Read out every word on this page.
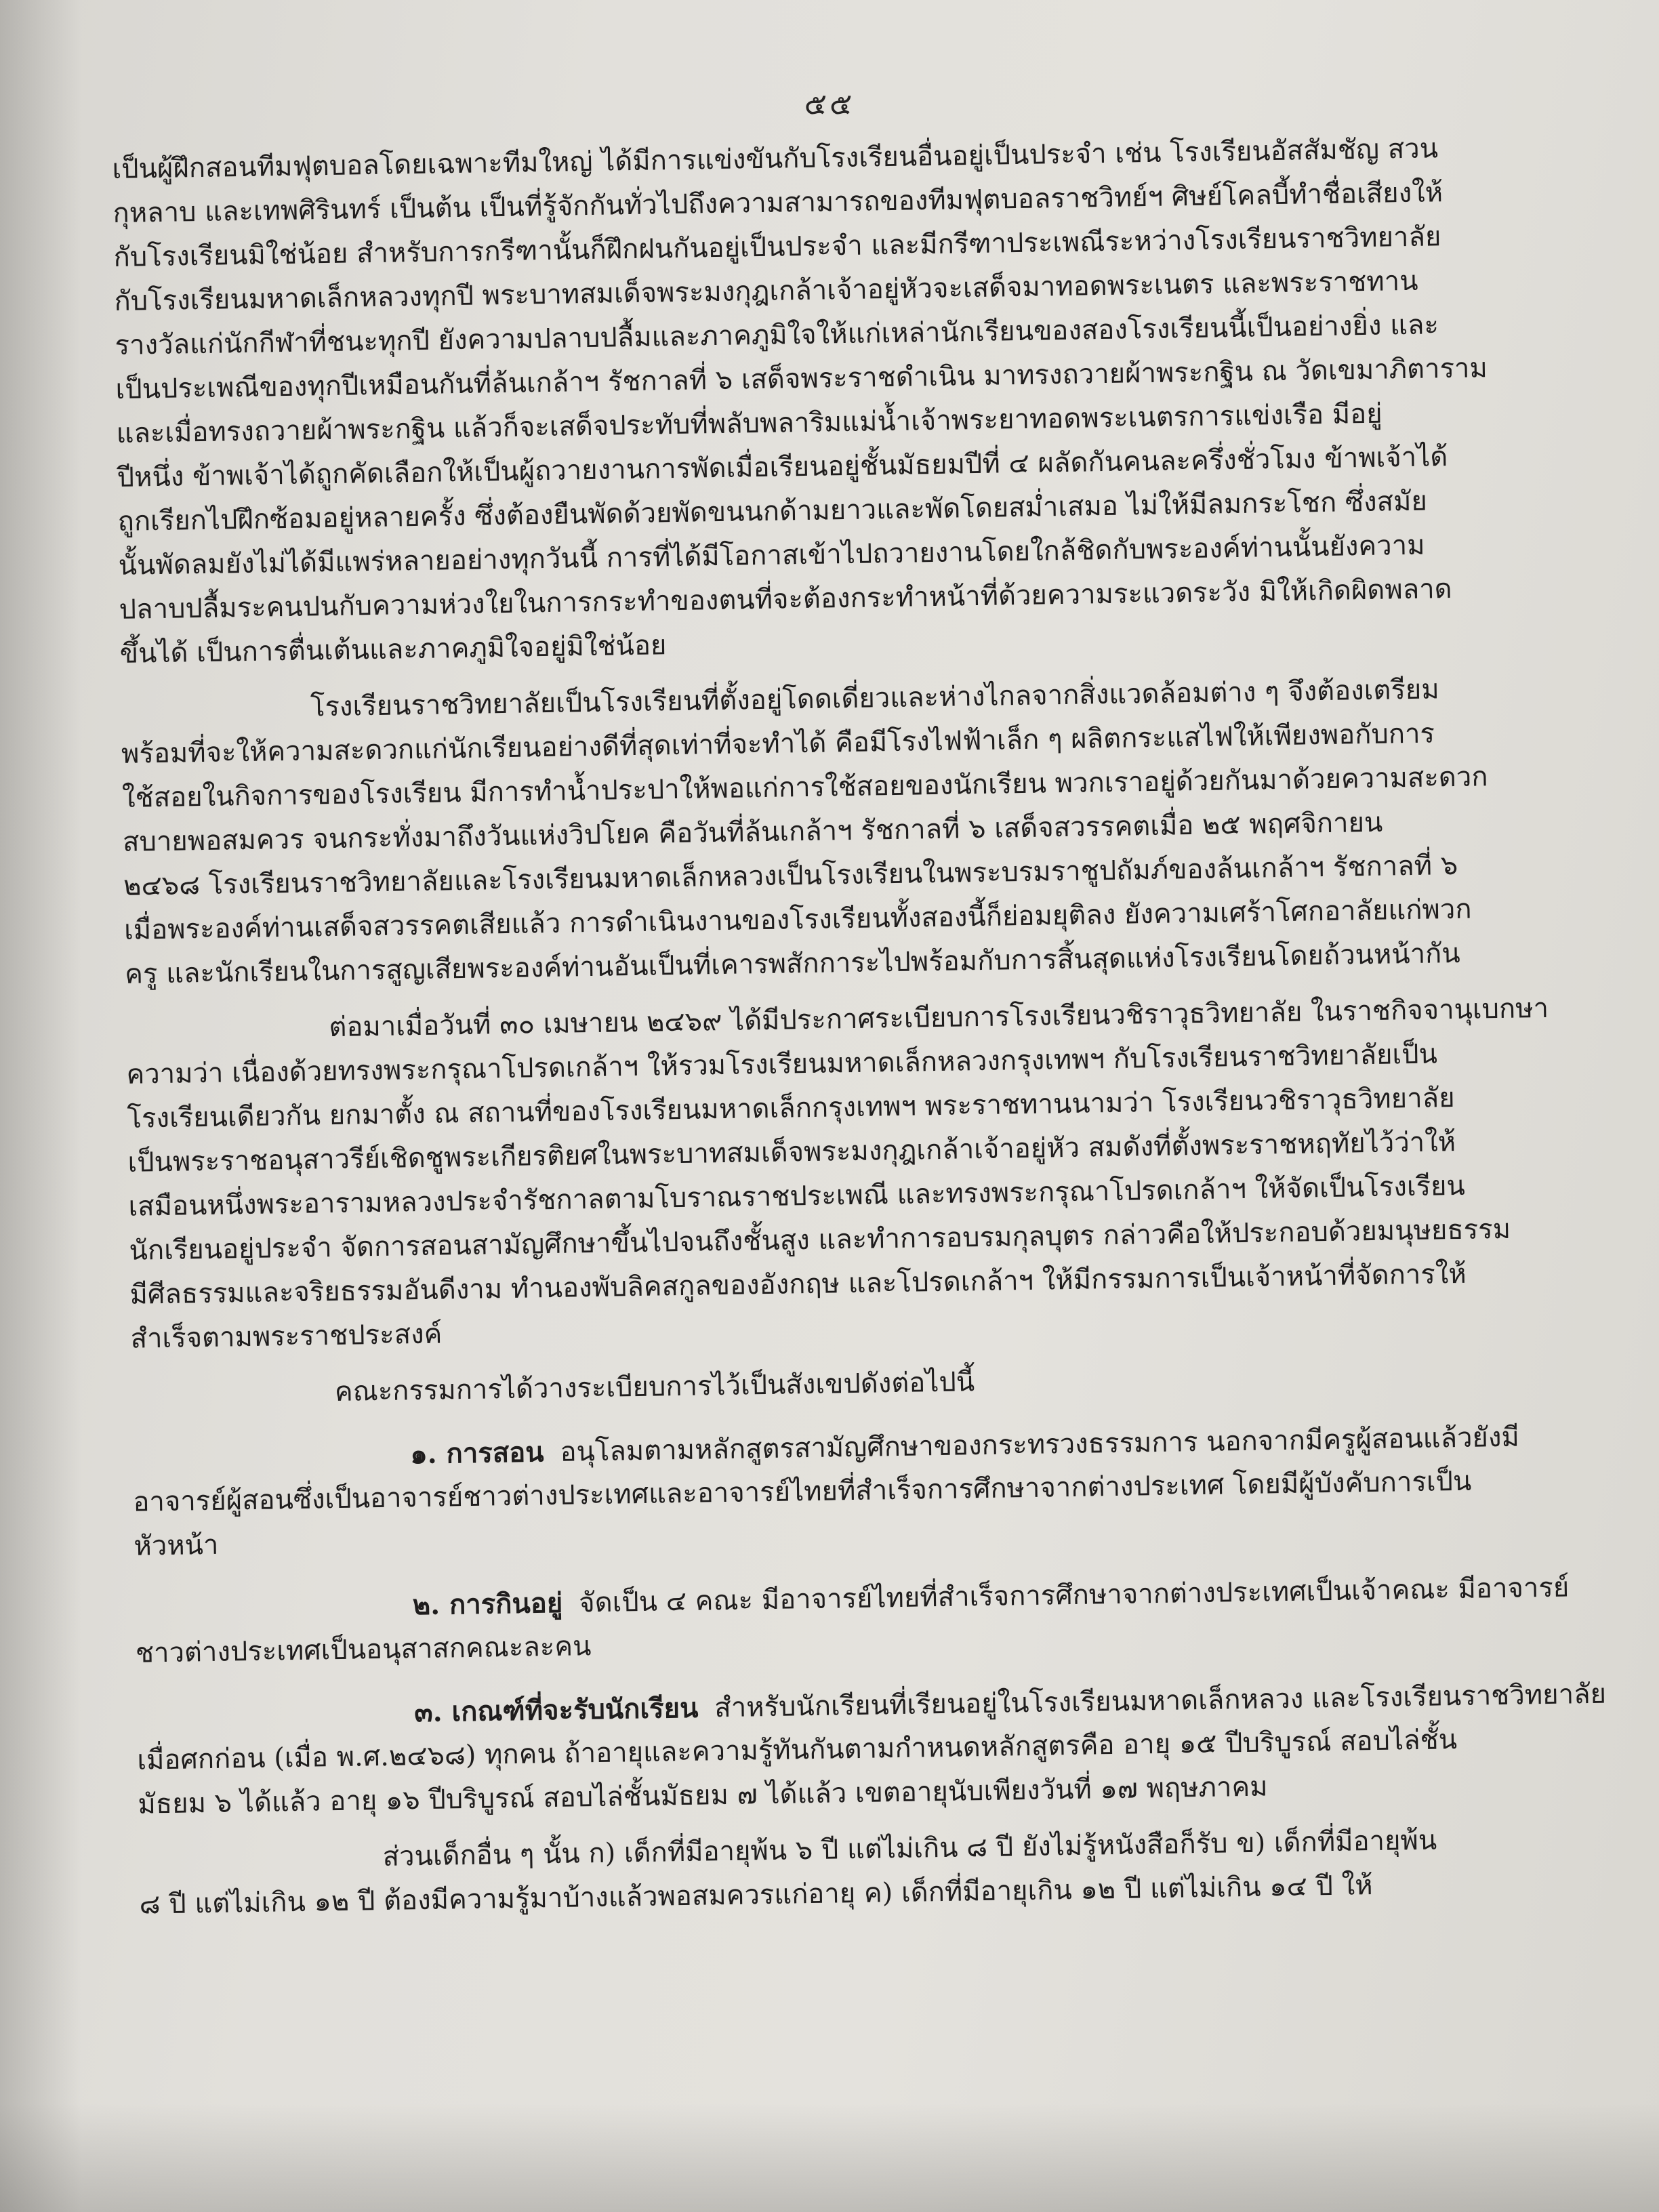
๕๕
เป็นผู้ฝึกสอนทีมฟุตบอลโดยเฉพาะทีมใหญ่ ได้มีการแข่งขันกับโรงเรียนอื่นอยู่เป็นประจำ เช่น โรงเรียนอัสสัมชัญ สวน
กุหลาบ และเทพศิรินทร์ เป็นต้น เป็นที่รู้จักกันทั่วไปถึงความสามารถของทีมฟุตบอลราชวิทย์ฯ ศิษย์โคลบี้ทำชื่อเสียงให้
กับโรงเรียนมิใช่น้อย สำหรับการกรีฑานั้นก็ฝึกฝนกันอยู่เป็นประจำ และมีกรีฑาประเพณีระหว่างโรงเรียนราชวิทยาลัย
กับโรงเรียนมหาดเล็กหลวงทุกปี พระบาทสมเด็จพระมงกุฎเกล้าเจ้าอยู่หัวจะเสด็จมาทอดพระเนตร และพระราชทาน
รางวัลแก่นักกีฬาที่ชนะทุกปี ยังความปลาบปลื้มและภาคภูมิใจให้แก่เหล่านักเรียนของสองโรงเรียนนี้เป็นอย่างยิ่ง และ
เป็นประเพณีของทุกปีเหมือนกันที่ล้นเกล้าฯ รัชกาลที่ ๖ เสด็จพระราชดำเนิน มาทรงถวายผ้าพระกฐิน ณ วัดเขมาภิตาราม
และเมื่อทรงถวายผ้าพระกฐิน แล้วก็จะเสด็จประทับที่พลับพลาริมแม่น้ำเจ้าพระยาทอดพระเนตรการแข่งเรือ มีอยู่
ปีหนึ่ง ข้าพเจ้าได้ถูกคัดเลือกให้เป็นผู้ถวายงานการพัดเมื่อเรียนอยู่ชั้นมัธยมปีที่ ๔ ผลัดกันคนละครึ่งชั่วโมง ข้าพเจ้าได้
ถูกเรียกไปฝึกซ้อมอยู่หลายครั้ง ซึ่งต้องยืนพัดด้วยพัดขนนกด้ามยาวและพัดโดยสม่ำเสมอ ไม่ให้มีลมกระโชก ซึ่งสมัย
นั้นพัดลมยังไม่ได้มีแพร่หลายอย่างทุกวันนี้ การที่ได้มีโอกาสเข้าไปถวายงานโดยใกล้ชิดกับพระองค์ท่านนั้นยังความ
ปลาบปลื้มระคนปนกับความห่วงใยในการกระทำของตนที่จะต้องกระทำหน้าที่ด้วยความระแวดระวัง มิให้เกิดผิดพลาด
ขึ้นได้ เป็นการตื่นเต้นและภาคภูมิใจอยู่มิใช่น้อย
โรงเรียนราชวิทยาลัยเป็นโรงเรียนที่ตั้งอยู่โดดเดี่ยวและห่างไกลจากสิ่งแวดล้อมต่าง ๆ จึงต้องเตรียม
พร้อมที่จะให้ความสะดวกแก่นักเรียนอย่างดีที่สุดเท่าที่จะทำได้ คือมีโรงไฟฟ้าเล็ก ๆ ผลิตกระแสไฟให้เพียงพอกับการ
ใช้สอยในกิจการของโรงเรียน มีการทำน้ำประปาให้พอแก่การใช้สอยของนักเรียน พวกเราอยู่ด้วยกันมาด้วยความสะดวก
สบายพอสมควร จนกระทั่งมาถึงวันแห่งวิปโยค คือวันที่ล้นเกล้าฯ รัชกาลที่ ๖ เสด็จสวรรคตเมื่อ ๒๕ พฤศจิกายน
๒๔๖๘ โรงเรียนราชวิทยาลัยและโรงเรียนมหาดเล็กหลวงเป็นโรงเรียนในพระบรมราชูปถัมภ์ของล้นเกล้าฯ รัชกาลที่ ๖
เมื่อพระองค์ท่านเสด็จสวรรคตเสียแล้ว การดำเนินงานของโรงเรียนทั้งสองนี้ก็ย่อมยุติลง ยังความเศร้าโศกอาลัยแก่พวก
ครู และนักเรียนในการสูญเสียพระองค์ท่านอันเป็นที่เคารพสักการะไปพร้อมกับการสิ้นสุดแห่งโรงเรียนโดยถ้วนหน้ากัน
ต่อมาเมื่อวันที่ ๓๐ เมษายน ๒๔๖๙ ได้มีประกาศระเบียบการโรงเรียนวชิราวุธวิทยาลัย ในราชกิจจานุเบกษา
ความว่า เนื่องด้วยทรงพระกรุณาโปรดเกล้าฯ ให้รวมโรงเรียนมหาดเล็กหลวงกรุงเทพฯ กับโรงเรียนราชวิทยาลัยเป็น
โรงเรียนเดียวกัน ยกมาตั้ง ณ สถานที่ของโรงเรียนมหาดเล็กกรุงเทพฯ พระราชทานนามว่า โรงเรียนวชิราวุธวิทยาลัย
เป็นพระราชอนุสาวรีย์เชิดชูพระเกียรติยศในพระบาทสมเด็จพระมงกุฎเกล้าเจ้าอยู่หัว สมดังที่ตั้งพระราชหฤทัยไว้ว่าให้
เสมือนหนึ่งพระอารามหลวงประจำรัชกาลตามโบราณราชประเพณี และทรงพระกรุณาโปรดเกล้าฯ ให้จัดเป็นโรงเรียน
นักเรียนอยู่ประจำ จัดการสอนสามัญศึกษาขึ้นไปจนถึงชั้นสูง และทำการอบรมกุลบุตร กล่าวคือให้ประกอบด้วยมนุษยธรรม
มีศีลธรรมและจริยธรรมอันดีงาม ทำนองพับลิคสกูลของอังกฤษ และโปรดเกล้าฯ ให้มีกรรมการเป็นเจ้าหน้าที่จัดการให้
สำเร็จตามพระราชประสงค์
คณะกรรมการได้วางระเบียบการไว้เป็นสังเขปดังต่อไปนี้
๑. การสอน อนุโลมตามหลักสูตรสามัญศึกษาของกระทรวงธรรมการ นอกจากมีครูผู้สอนแล้วยังมี
อาจารย์ผู้สอนซึ่งเป็นอาจารย์ชาวต่างประเทศและอาจารย์ไทยที่สำเร็จการศึกษาจากต่างประเทศ โดยมีผู้บังคับการเป็น
หัวหน้า
๒. การกินอยู่ จัดเป็น ๔ คณะ มีอาจารย์ไทยที่สำเร็จการศึกษาจากต่างประเทศเป็นเจ้าคณะ มีอาจารย์
ชาวต่างประเทศเป็นอนุสาสกคณะละคน
๓. เกณฑ์ที่จะรับนักเรียน สำหรับนักเรียนที่เรียนอยู่ในโรงเรียนมหาดเล็กหลวง และโรงเรียนราชวิทยาลัย
เมื่อศกก่อน (เมื่อ พ.ศ.๒๔๖๘) ทุกคน ถ้าอายุและความรู้ทันกันตามกำหนดหลักสูตรคือ อายุ ๑๕ ปีบริบูรณ์ สอบไล่ชั้น
มัธยม ๖ ได้แล้ว อายุ ๑๖ ปีบริบูรณ์ สอบไล่ชั้นมัธยม ๗ ได้แล้ว เขตอายุนับเพียงวันที่ ๑๗ พฤษภาคม
ส่วนเด็กอื่น ๆ นั้น ก) เด็กที่มีอายุพ้น ๖ ปี แต่ไม่เกิน ๘ ปี ยังไม่รู้หนังสือก็รับ ข) เด็กที่มีอายุพ้น
๘ ปี แต่ไม่เกิน ๑๒ ปี ต้องมีความรู้มาบ้างแล้วพอสมควรแก่อายุ ค) เด็กที่มีอายุเกิน ๑๒ ปี แต่ไม่เกิน ๑๔ ปี ให้
